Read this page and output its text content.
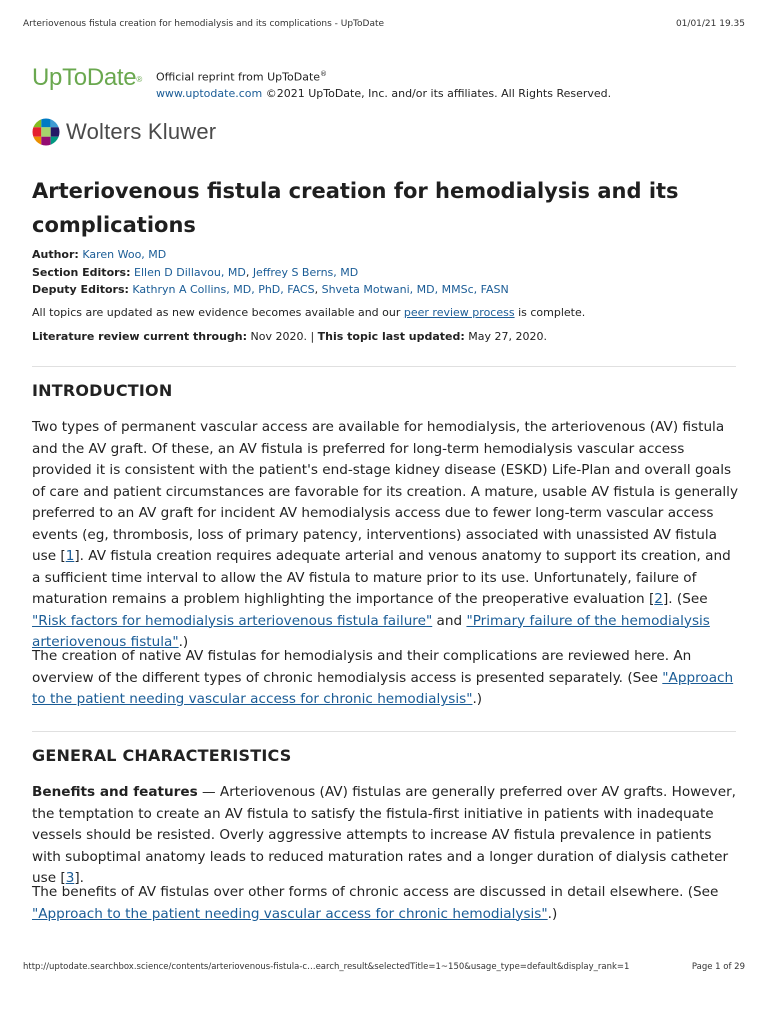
Arteriovenous fistula creation for hemodialysis and its complications - UpToDate	01/01/21 19.35
UpToDate® Official reprint from UpToDate®
www.uptodate.com ©2021 UpToDate, Inc. and/or its affiliates. All Rights Reserved.
Wolters Kluwer
Arteriovenous fistula creation for hemodialysis and its complications
Author: Karen Woo, MD
Section Editors: Ellen D Dillavou, MD, Jeffrey S Berns, MD
Deputy Editors: Kathryn A Collins, MD, PhD, FACS, Shveta Motwani, MD, MMSc, FASN
All topics are updated as new evidence becomes available and our peer review process is complete.
Literature review current through: Nov 2020. | This topic last updated: May 27, 2020.
INTRODUCTION

Two types of permanent vascular access are available for hemodialysis, the arteriovenous (AV) fistula and the AV graft. Of these, an AV fistula is preferred for long-term hemodialysis vascular access provided it is consistent with the patient's end-stage kidney disease (ESKD) Life-Plan and overall goals of care and patient circumstances are favorable for its creation. A mature, usable AV fistula is generally preferred to an AV graft for incident AV hemodialysis access due to fewer long-term vascular access events (eg, thrombosis, loss of primary patency, interventions) associated with unassisted AV fistula use [1]. AV fistula creation requires adequate arterial and venous anatomy to support its creation, and a sufficient time interval to allow the AV fistula to mature prior to its use. Unfortunately, failure of maturation remains a problem highlighting the importance of the preoperative evaluation [2]. (See "Risk factors for hemodialysis arteriovenous fistula failure" and "Primary failure of the hemodialysis arteriovenous fistula".)

The creation of native AV fistulas for hemodialysis and their complications are reviewed here. An overview of the different types of chronic hemodialysis access is presented separately. (See "Approach to the patient needing vascular access for chronic hemodialysis".)

GENERAL CHARACTERISTICS

Benefits and features — Arteriovenous (AV) fistulas are generally preferred over AV grafts. However, the temptation to create an AV fistula to satisfy the fistula-first initiative in patients with inadequate vessels should be resisted. Overly aggressive attempts to increase AV fistula prevalence in patients with suboptimal anatomy leads to reduced maturation rates and a longer duration of dialysis catheter use [3].

The benefits of AV fistulas over other forms of chronic access are discussed in detail elsewhere. (See "Approach to the patient needing vascular access for chronic hemodialysis".)

http://uptodate.searchbox.science/contents/arteriovenous-fistula-c…earch_result&selectedTitle=1~150&usage_type=default&display_rank=1	Page 1 of 29
